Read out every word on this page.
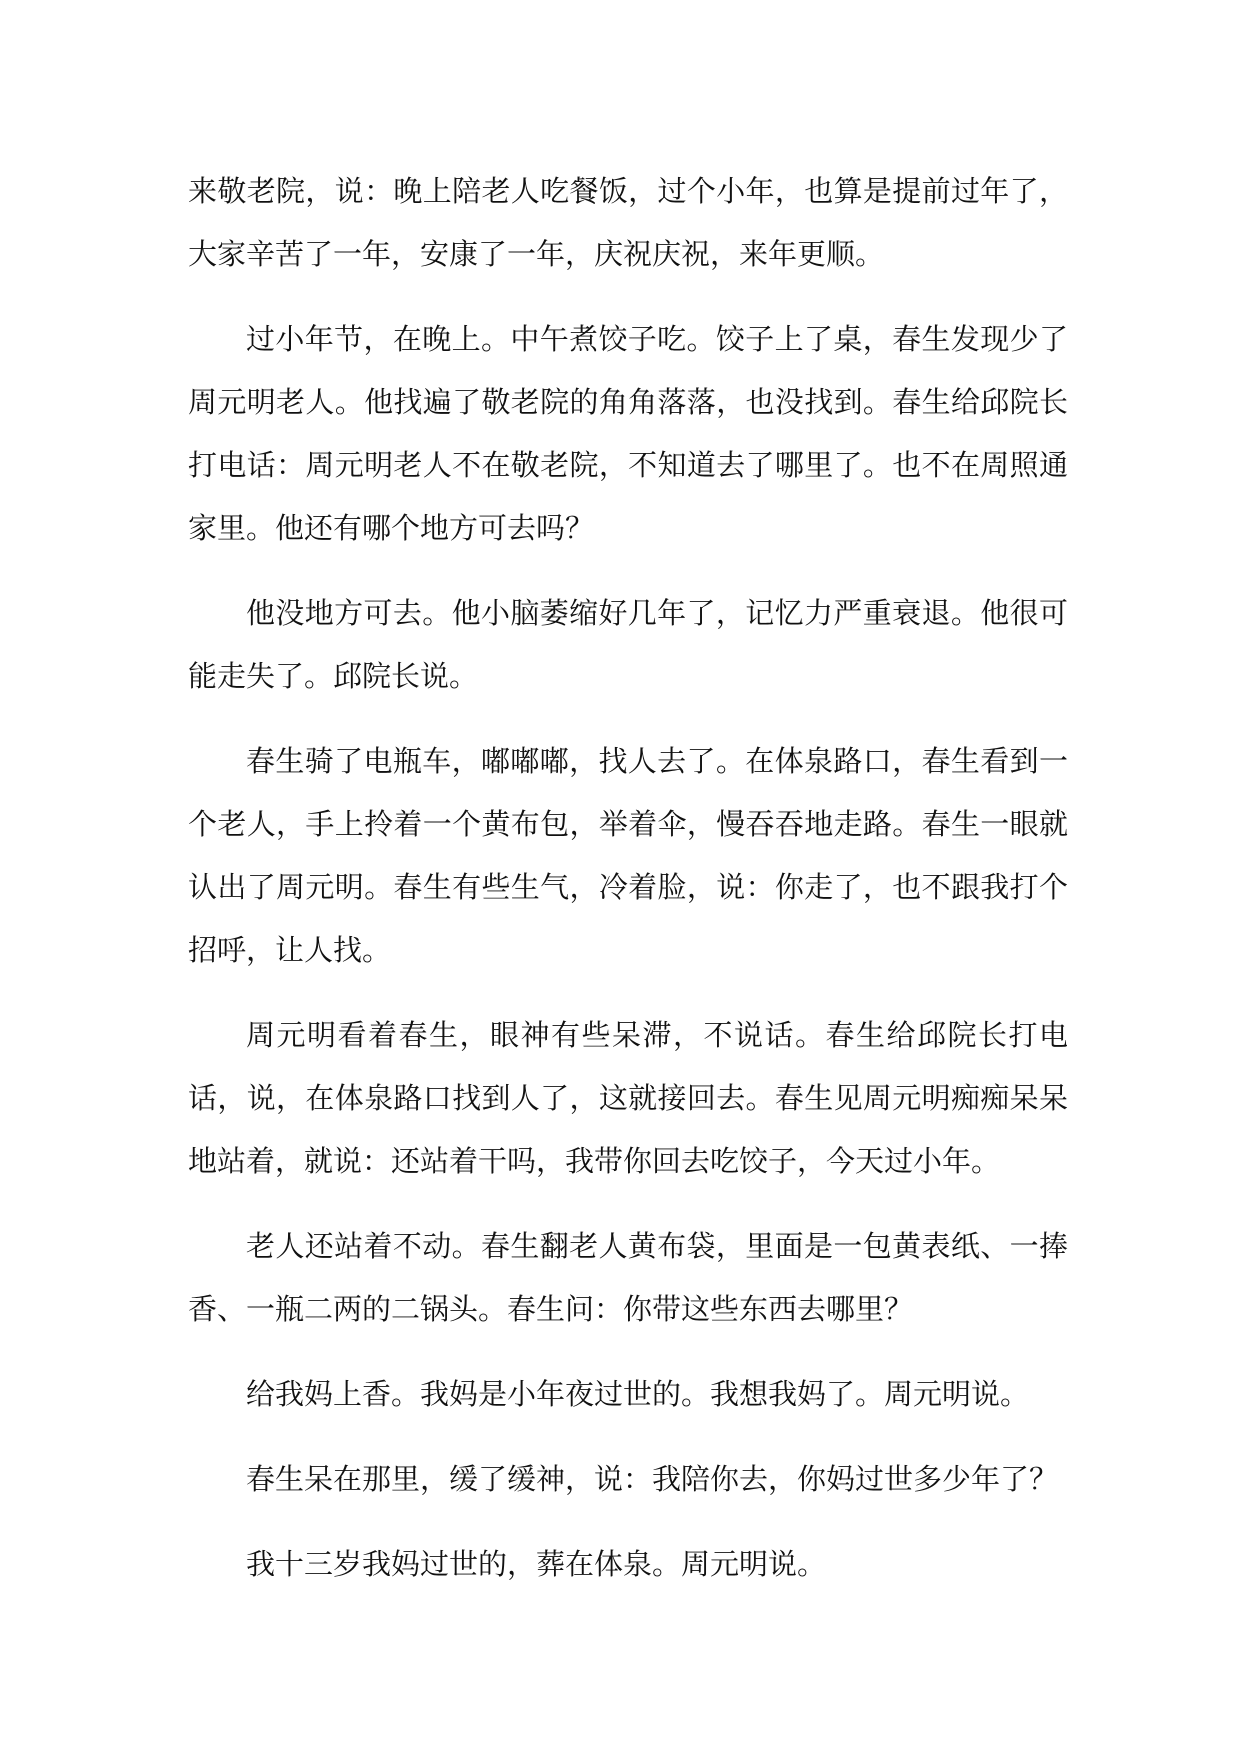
来敬老院，说：晚上陪老人吃餐饭，过个小年，也算是提前过年了，大家辛苦了一年，安康了一年，庆祝庆祝，来年更顺。

过小年节，在晚上。中午煮饺子吃。饺子上了桌，春生发现少了周元明老人。他找遍了敬老院的角角落落，也没找到。春生给邱院长打电话：周元明老人不在敬老院，不知道去了哪里了。也不在周照通家里。他还有哪个地方可去吗？

他没地方可去。他小脑萎缩好几年了，记忆力严重衰退。他很可能走失了。邱院长说。

春生骑了电瓶车，嘟嘟嘟，找人去了。在体泉路口，春生看到一个老人，手上拎着一个黄布包，举着伞，慢吞吞地走路。春生一眼就认出了周元明。春生有些生气，冷着脸，说：你走了，也不跟我打个招呼，让人找。

周元明看着春生，眼神有些呆滞，不说话。春生给邱院长打电话，说，在体泉路口找到人了，这就接回去。春生见周元明痴痴呆呆地站着，就说：还站着干吗，我带你回去吃饺子，今天过小年。

老人还站着不动。春生翻老人黄布袋，里面是一包黄表纸、一捧香、一瓶二两的二锅头。春生问：你带这些东西去哪里？

给我妈上香。我妈是小年夜过世的。我想我妈了。周元明说。

春生呆在那里，缓了缓神，说：我陪你去，你妈过世多少年了？

我十三岁我妈过世的，葬在体泉。周元明说。
